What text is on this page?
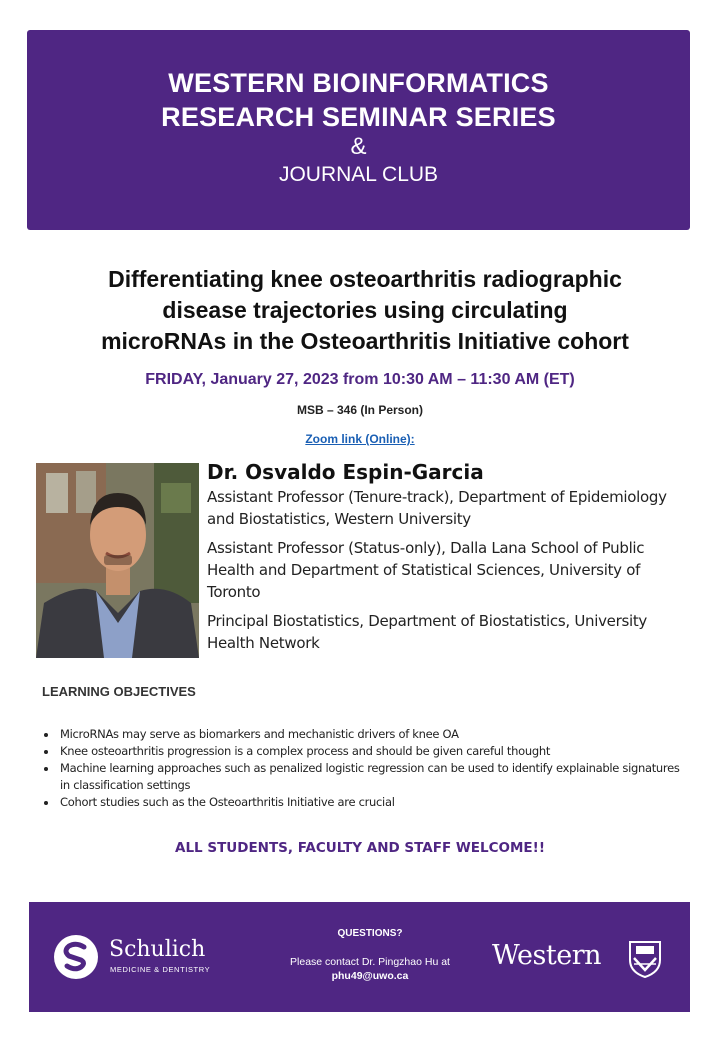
WESTERN BIOINFORMATICS
RESEARCH SEMINAR SERIES
&
JOURNAL CLUB
Differentiating knee osteoarthritis radiographic
disease trajectories using circulating
microRNAs in the Osteoarthritis Initiative cohort
FRIDAY, January 27, 2023 from 10:30 AM – 11:30 AM (ET)
MSB – 346 (In Person)
Zoom link (Online):
Dr. Osvaldo Espin-Garcia
Assistant Professor (Tenure-track), Department of Epidemiology and Biostatistics, Western University
Assistant Professor (Status-only), Dalla Lana School of Public Health and Department of Statistical Sciences, University of Toronto
Principal Biostatistics, Department of Biostatistics, University Health Network
LEARNING OBJECTIVES
MicroRNAs may serve as biomarkers and mechanistic drivers of knee OA
Knee osteoarthritis progression is a complex process and should be given careful thought
Machine learning approaches such as penalized logistic regression can be used to identify explainable signatures in classification settings
Cohort studies such as the Osteoarthritis Initiative are crucial
ALL STUDENTS, FACULTY AND STAFF WELCOME!!
Schulich
MEDICINE & DENTISTRY
QUESTIONS?
Please contact Dr. Pingzhao Hu at
phu49@uwo.ca
Western
